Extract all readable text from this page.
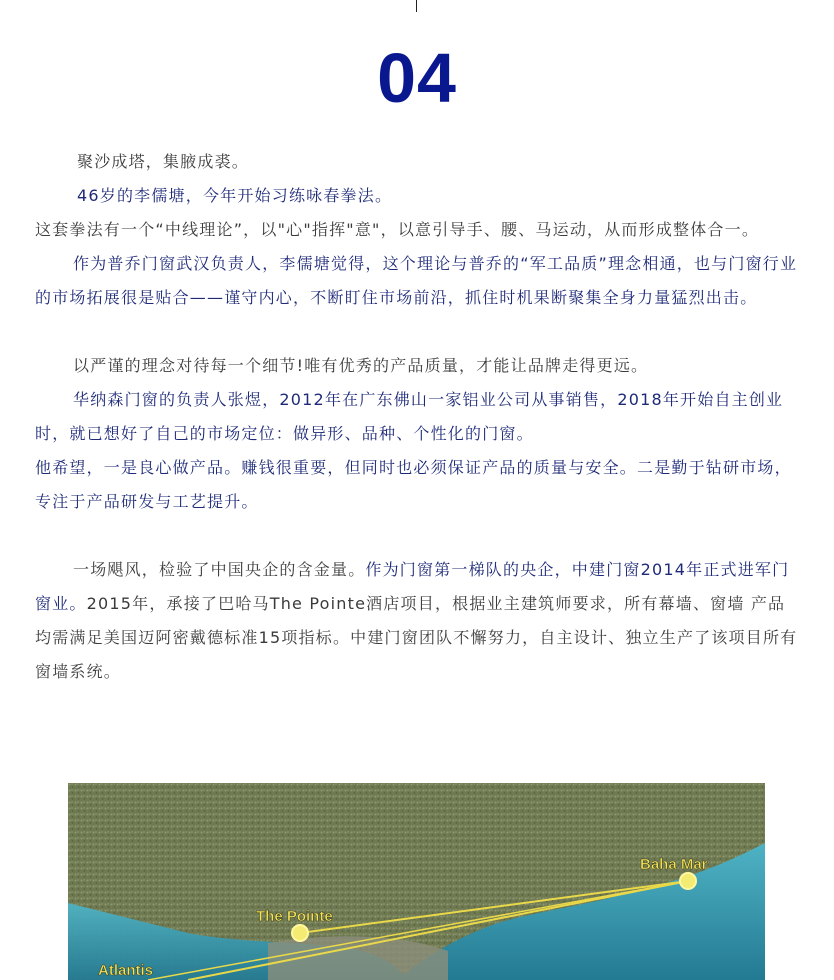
04

聚沙成塔，集腋成裘。

46岁的李儒塘，今年开始习练咏春拳法。

这套拳法有一个“中线理论”，以"心"指挥"意"，以意引导手、腰、马运动，从而形成整体合一。

作为普乔门窗武汉负责人，李儒塘觉得，这个理论与普乔的“军工品质”理念相通，也与门窗行业的市场拓展很是贴合——谨守内心，不断盯住市场前沿，抓住时机果断聚集全身力量猛烈出击。

以严谨的理念对待每一个细节!唯有优秀的产品质量，才能让品牌走得更远。

华纳森门窗的负责人张煜，2012年在广东佛山一家铝业公司从事销售，2018年开始自主创业时，就已想好了自己的市场定位：做异形、品种、个性化的门窗。

他希望，一是良心做产品。赚钱很重要，但同时也必须保证产品的质量与安全。二是勤于钻研市场，专注于产品研发与工艺提升。

一场飓风，检验了中国央企的含金量。作为门窗第一梯队的央企，中建门窗2014年正式进军门窗业。2015年，承接了巴哈马The Pointe酒店项目，根据业主建筑师要求，所有幕墙、窗墙 产品均需满足美国迈阿密戴德标准15项指标。中建门窗团队不懈努力，自主设计、独立生产了该项目所有窗墙系统。

Baha Mar
The Pointe
Atlantis
